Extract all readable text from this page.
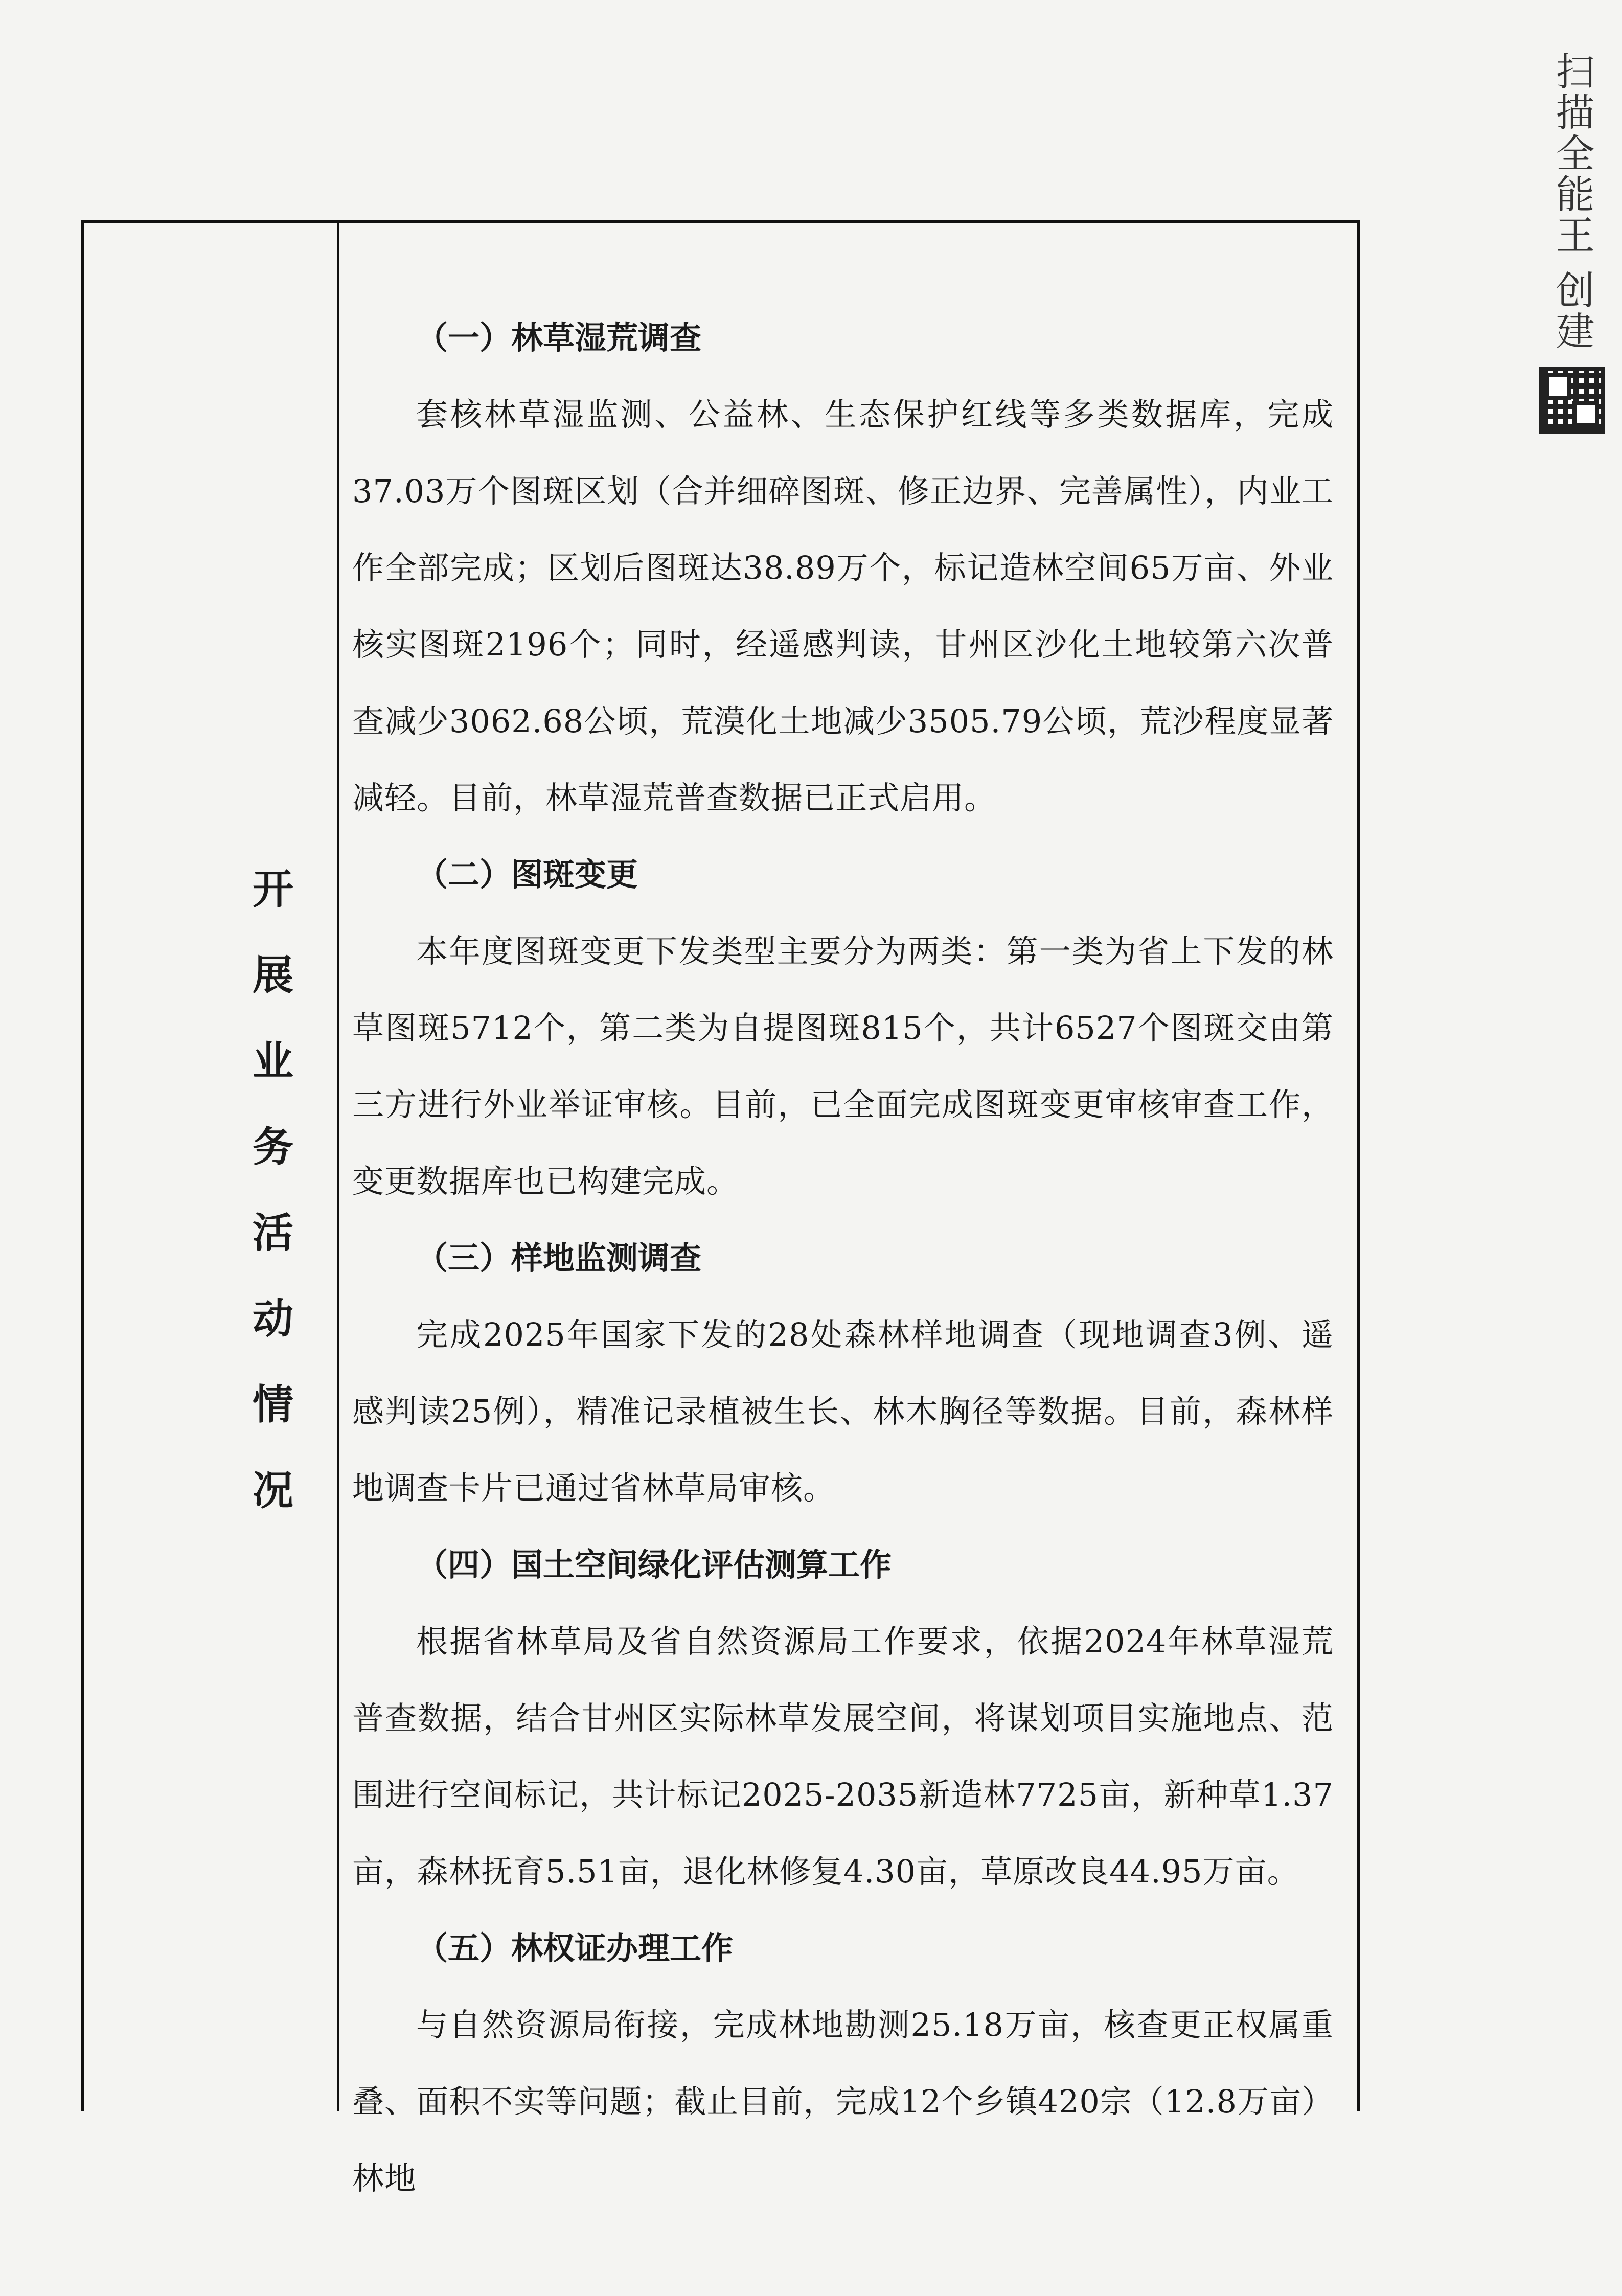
扫描全能王 创建
开
展
业
务
活
动
情
况
（一）林草湿荒调查

套核林草湿监测、公益林、生态保护红线等多类数据库，完成37.03万个图斑区划（合并细碎图斑、修正边界、完善属性），内业工作全部完成；区划后图斑达38.89万个，标记造林空间65万亩、外业核实图斑2196个；同时，经遥感判读，甘州区沙化土地较第六次普查减少3062.68公顷，荒漠化土地减少3505.79公顷，荒沙程度显著减轻。目前，林草湿荒普查数据已正式启用。

（二）图斑变更

本年度图斑变更下发类型主要分为两类：第一类为省上下发的林草图斑5712个，第二类为自提图斑815个，共计6527个图斑交由第三方进行外业举证审核。目前，已全面完成图斑变更审核审查工作，变更数据库也已构建完成。

（三）样地监测调查

完成2025年国家下发的28处森林样地调查（现地调查3例、遥感判读25例），精准记录植被生长、林木胸径等数据。目前，森林样地调查卡片已通过省林草局审核。

（四）国土空间绿化评估测算工作

根据省林草局及省自然资源局工作要求，依据2024年林草湿荒普查数据，结合甘州区实际林草发展空间，将谋划项目实施地点、范围进行空间标记，共计标记2025-2035新造林7725亩，新种草1.37亩，森林抚育5.51亩，退化林修复4.30亩，草原改良44.95万亩。

（五）林权证办理工作

与自然资源局衔接，完成林地勘测25.18万亩，核查更正权属重叠、面积不实等问题；截止目前，完成12个乡镇420宗（12.8万亩）林地
